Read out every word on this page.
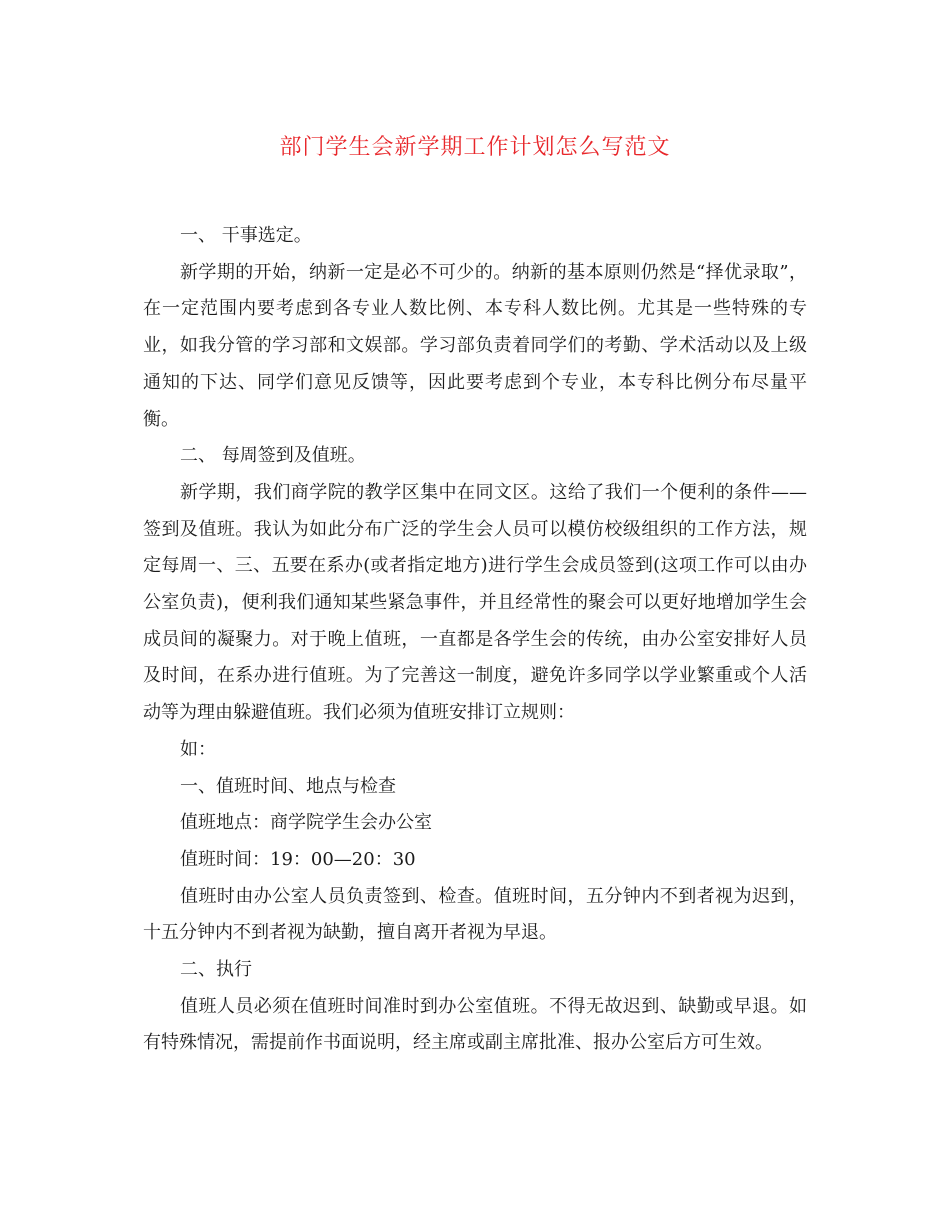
部门学生会新学期工作计划怎么写范文

一、 干事选定。

新学期的开始，纳新一定是必不可少的。纳新的基本原则仍然是“择优录取”，在一定范围内要考虑到各专业人数比例、本专科人数比例。尤其是一些特殊的专业，如我分管的学习部和文娱部。学习部负责着同学们的考勤、学术活动以及上级通知的下达、同学们意见反馈等，因此要考虑到个专业，本专科比例分布尽量平衡。

二、 每周签到及值班。

新学期，我们商学院的教学区集中在同文区。这给了我们一个便利的条件——签到及值班。我认为如此分布广泛的学生会人员可以模仿校级组织的工作方法，规定每周一、三、五要在系办(或者指定地方)进行学生会成员签到(这项工作可以由办公室负责)，便利我们通知某些紧急事件，并且经常性的聚会可以更好地增加学生会成员间的凝聚力。对于晚上值班，一直都是各学生会的传统，由办公室安排好人员及时间，在系办进行值班。为了完善这一制度，避免许多同学以学业繁重或个人活动等为理由躲避值班。我们必须为值班安排订立规则：

如：

一、值班时间、地点与检查

值班地点：商学院学生会办公室

值班时间：19：00—20：30

值班时由办公室人员负责签到、检查。值班时间，五分钟内不到者视为迟到，十五分钟内不到者视为缺勤，擅自离开者视为早退。

二、执行

值班人员必须在值班时间准时到办公室值班。不得无故迟到、缺勤或早退。如有特殊情况，需提前作书面说明，经主席或副主席批准、报办公室后方可生效。
